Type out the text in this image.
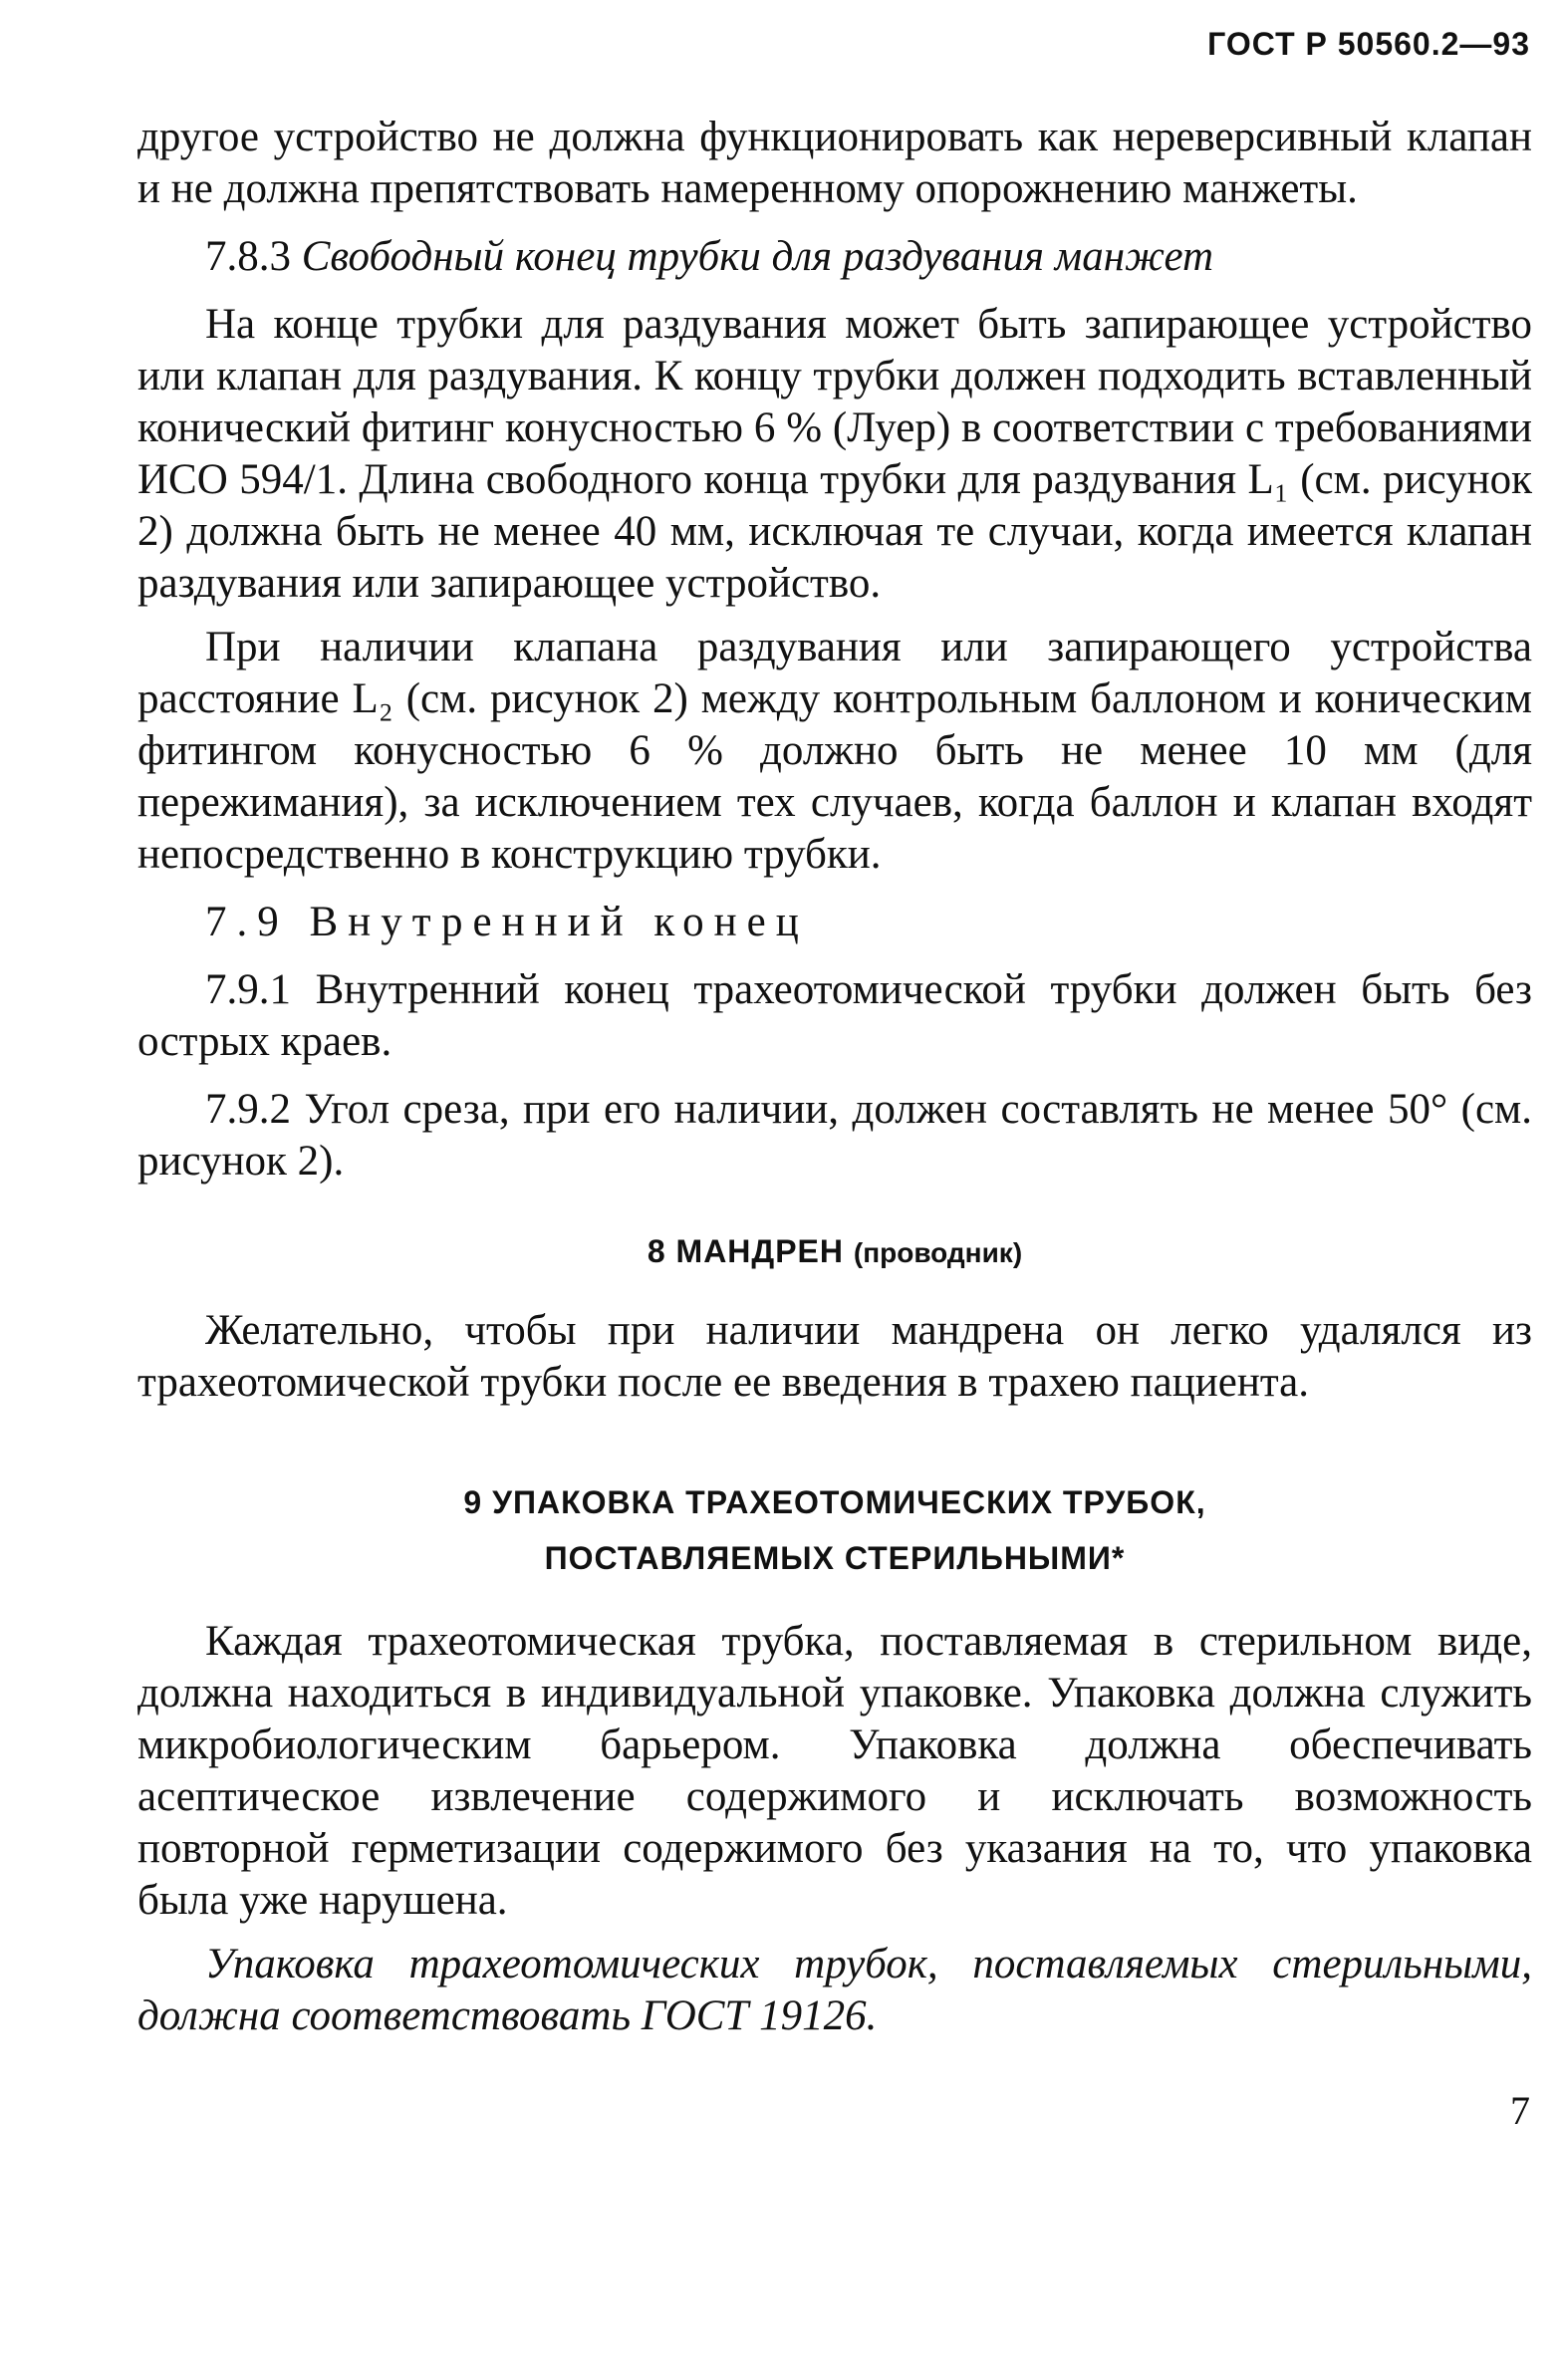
ГОСТ Р 50560.2—93

другое устройство не должна функционировать как нереверсивный клапан и не должна препятствовать намеренному опорожнению манжеты.

7.8.3 Свободный конец трубки для раздувания манжет

На конце трубки для раздувания может быть запирающее устройство или клапан для раздувания. К концу трубки должен подходить вставленный конический фитинг конусностью 6 % (Луер) в соответствии с требованиями ИСО 594/1. Длина свободного конца трубки для раздувания L₁ (см. рисунок 2) должна быть не менее 40 мм, исключая те случаи, когда имеется клапан раздувания или запирающее устройство.

При наличии клапана раздувания или запирающего устройства расстояние L₂ (см. рисунок 2) между контрольным баллоном и коническим фитингом конусностью 6 % должно быть не менее 10 мм (для пережимания), за исключением тех случаев, когда баллон и клапан входят непосредственно в конструкцию трубки.

7.9 Внутренний конец

7.9.1 Внутренний конец трахеотомической трубки должен быть без острых краев.

7.9.2 Угол среза, при его наличии, должен составлять не менее 50° (см. рисунок 2).

8 МАНДРЕН (проводник)

Желательно, чтобы при наличии мандрена он легко удалялся из трахеотомической трубки после ее введения в трахею пациента.

9 УПАКОВКА ТРАХЕОТОМИЧЕСКИХ ТРУБОК,
ПОСТАВЛЯЕМЫХ СТЕРИЛЬНЫМИ*

Каждая трахеотомическая трубка, поставляемая в стерильном виде, должна находиться в индивидуальной упаковке. Упаковка должна служить микробиологическим барьером. Упаковка должна обеспечивать асептическое извлечение содержимого и исключать возможность повторной герметизации содержимого без указания на то, что упаковка была уже нарушена.

Упаковка трахеотомических трубок, поставляемых стерильными, должна соответствовать ГОСТ 19126.

7
